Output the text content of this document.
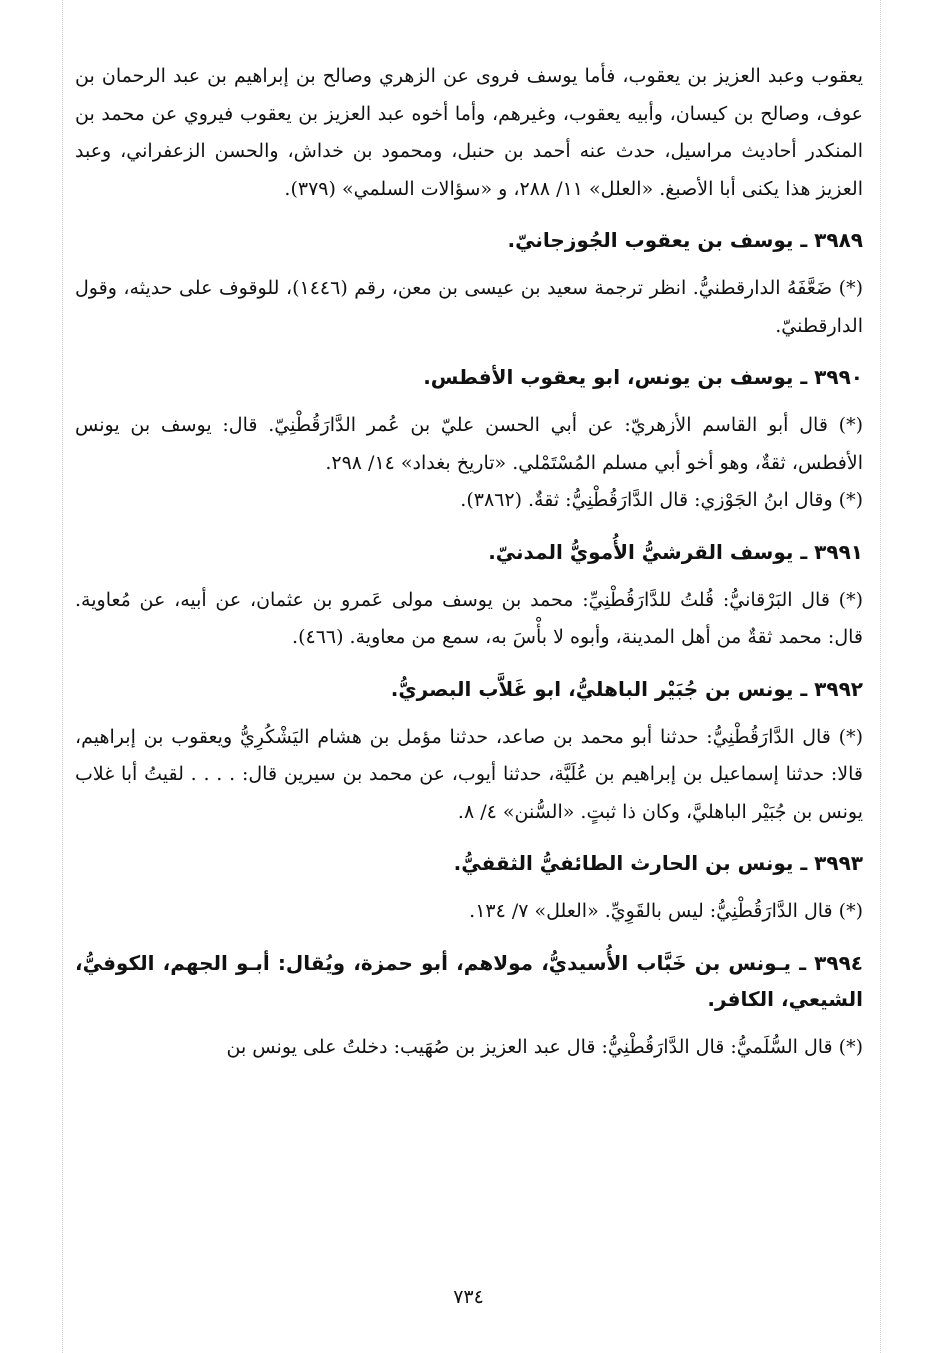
يعقوب وعبد العزيز بن يعقوب، فأما يوسف فروى عن الزهري وصالح بن إبراهيم بن عبد الرحمان بن عوف، وصالح بن كيسان، وأبيه يعقوب، وغيرهم، وأما أخوه عبد العزيز بن يعقوب فيروي عن محمد بن المنكدر أحاديث مراسيل، حدث عنه أحمد بن حنبل، ومحمود بن خداش، والحسن الزعفراني، وعبد العزيز هذا يكنى أبا الأصبغ. «العلل» ١١/ ٢٨٨، و «سؤالات السلمي» (٣٧٩).

٣٩٨٩ ـ يوسف بن يعقوب الجُوزجانيّ.

(*) ضَعَّفَهُ الدارقطنيُّ. انظر ترجمة سعيد بن عيسى بن معن، رقم (١٤٤٦)، للوقوف على حديثه، وقول الدارقطنيّ.

٣٩٩٠ ـ يوسف بن يونس، ابو يعقوب الأفطس.

(*) قال أبو القاسم الأزهريّ: عن أبي الحسن عليّ بن عُمر الدَّارَقُطْنِيّ. قال: يوسف بن يونس الأفطس، ثقةٌ، وهو أخو أبي مسلم المُسْتَمْلي. «تاريخ بغداد» ١٤/ ٢٩٨.

(*) وقال ابنُ الجَوْزي: قال الدَّارَقُطْنِيُّ: ثقةٌ. (٣٨٦٢).

٣٩٩١ ـ يوسف القرشيُّ الأُمويُّ المدنيّ.

(*) قال البَرْقانيُّ: قُلتُ للدَّارَقُطْنِيِّ: محمد بن يوسف مولى عَمرو بن عثمان، عن أبيه، عن مُعاوية. قال: محمد ثقةٌ من أهل المدينة، وأبوه لا بأْسَ به، سمع من معاوية. (٤٦٦).

٣٩٩٢ ـ يونس بن جُبَيْر الباهليُّ، ابو غَلاَّب البصريُّ.

(*) قال الدَّارَقُطْنِيُّ: حدثنا أبو محمد بن صاعد، حدثنا مؤمل بن هشام اليَشْكُرِيُّ ويعقوب بن إبراهيم، قالا: حدثنا إسماعيل بن إبراهيم بن عُلَيَّة، حدثنا أيوب، عن محمد بن سيرين قال: . . . . لقيتُ أبا غلاب يونس بن جُبَيْر الباهليَّ، وكان ذا ثبتٍ. «السُّنن» ٤/ ٨.

٣٩٩٣ ـ يونس بن الحارث الطائفيُّ الثقفيُّ.

(*) قال الدَّارَقُطْنِيُّ: ليس بالقَوِيِّ. «العلل» ٧/ ١٣٤.

٣٩٩٤ ـ يـونس بن خَبَّاب الأُسيديُّ، مولاهم، أبو حمزة، ويُقال: أبـو الجهم، الكوفيُّ، الشيعي، الكافر.

(*) قال السُّلَميُّ: قال الدَّارَقُطْنِيُّ: قال عبد العزيز بن صُهَيب: دخلتُ على يونس بن

٧٣٤
